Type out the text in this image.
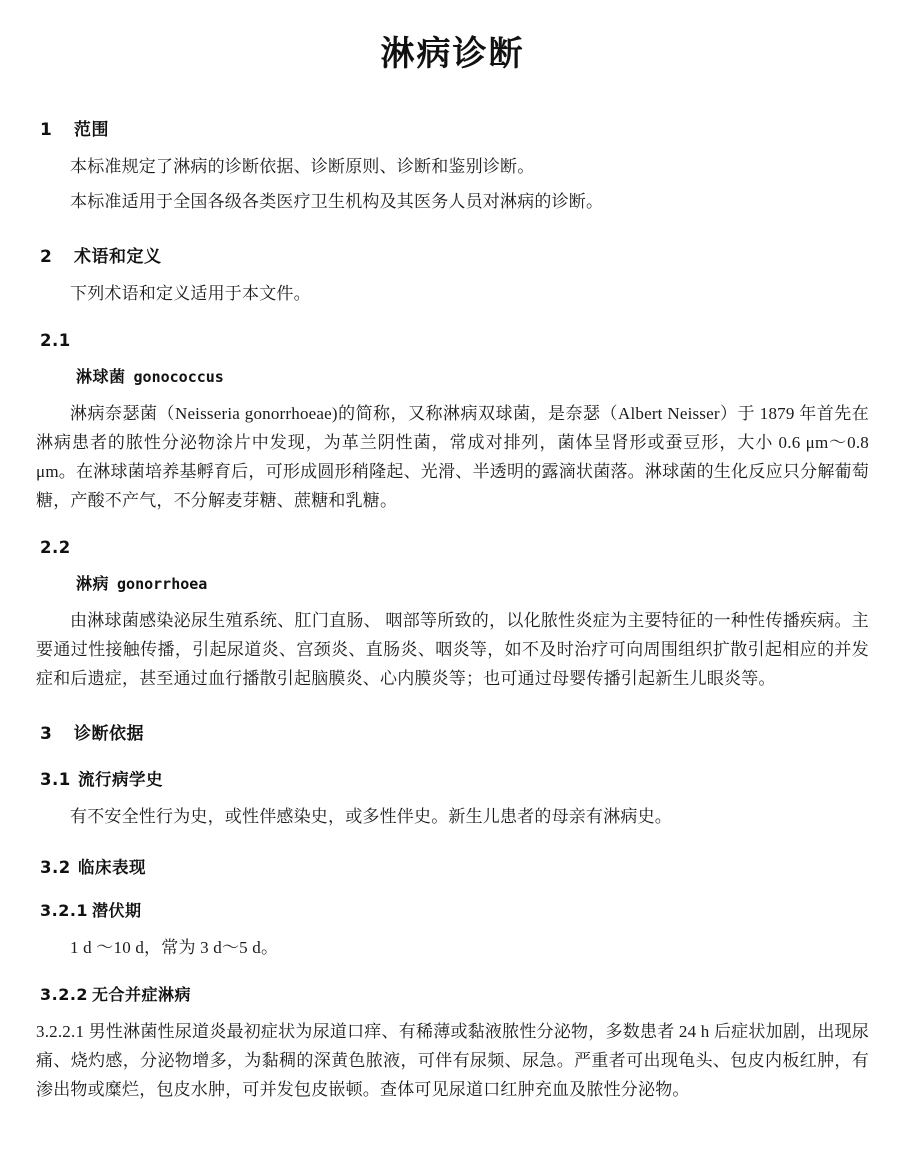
淋病诊断
1 范围

本标准规定了淋病的诊断依据、诊断原则、诊断和鉴别诊断。

本标准适用于全国各级各类医疗卫生机构及其医务人员对淋病的诊断。

2 术语和定义

下列术语和定义适用于本文件。

2.1
淋球菌 gonococcus

淋病奈瑟菌（Neisseria gonorrhoeae)的简称，又称淋病双球菌，是奈瑟（Albert Neisser）于 1879 年首先在淋病患者的脓性分泌物涂片中发现，为革兰阴性菌，常成对排列，菌体呈肾形或蚕豆形，大小 0.6 μm～0.8 μm。在淋球菌培养基孵育后，可形成圆形稍隆起、光滑、半透明的露滴状菌落。淋球菌的生化反应只分解葡萄糖，产酸不产气，不分解麦芽糖、蔗糖和乳糖。

2.2
淋病 gonorrhoea

由淋球菌感染泌尿生殖系统、肛门直肠、 咽部等所致的，以化脓性炎症为主要特征的一种性传播疾病。主要通过性接触传播，引起尿道炎、宫颈炎、直肠炎、咽炎等，如不及时治疗可向周围组织扩散引起相应的并发症和后遗症，甚至通过血行播散引起脑膜炎、心内膜炎等；也可通过母婴传播引起新生儿眼炎等。

3 诊断依据
3.1 流行病学史

有不安全性行为史，或性伴感染史，或多性伴史。新生儿患者的母亲有淋病史。

3.2 临床表现
3.2.1 潜伏期

1 d ～10 d，常为 3 d～5 d。

3.2.2 无合并症淋病

3.2.2.1 男性淋菌性尿道炎最初症状为尿道口痒、有稀薄或黏液脓性分泌物，多数患者 24 h 后症状加剧，出现尿痛、烧灼感，分泌物增多，为黏稠的深黄色脓液，可伴有尿频、尿急。严重者可出现龟头、包皮内板红肿，有渗出物或糜烂，包皮水肿，可并发包皮嵌顿。查体可见尿道口红肿充血及脓性分泌物。
